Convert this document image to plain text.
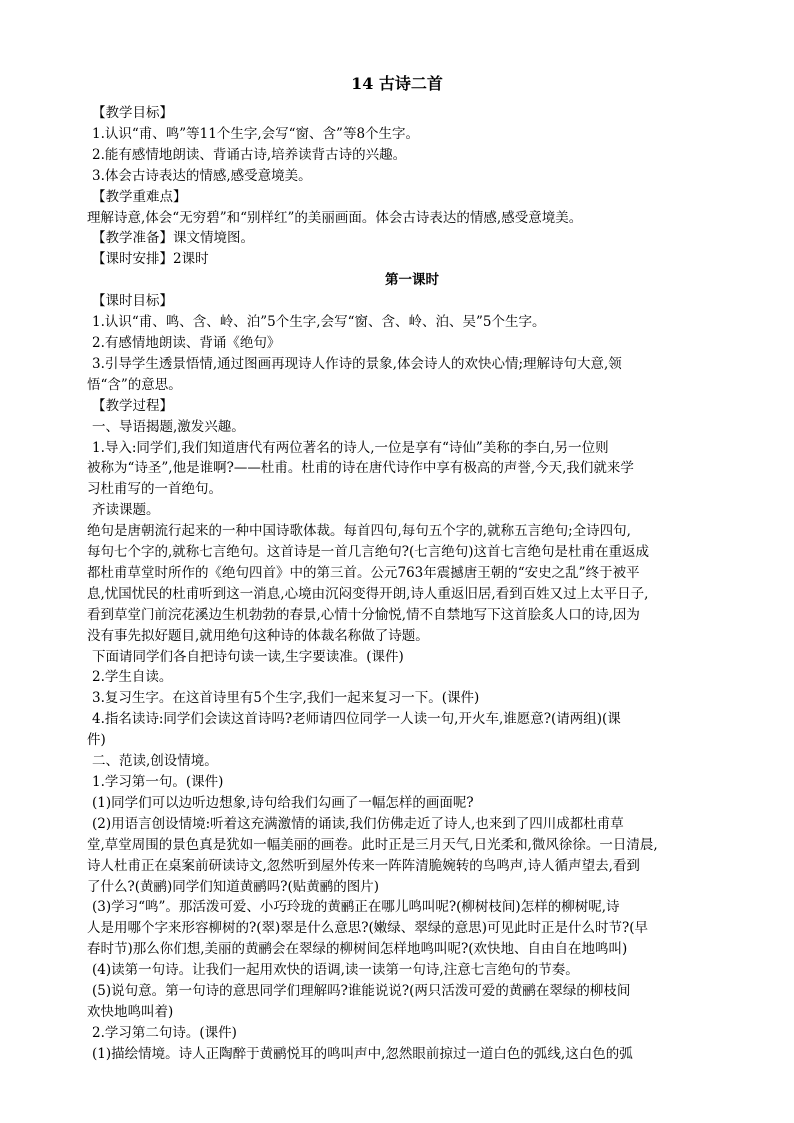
14 古诗二首
【教学目标】
1.认识“甫、鸣”等11个生字,会写“窗、含”等8个生字。
2.能有感情地朗读、背诵古诗,培养读背古诗的兴趣。
3.体会古诗表达的情感,感受意境美。
【教学重难点】
理解诗意,体会“无穷碧”和“别样红”的美丽画面。体会古诗表达的情感,感受意境美。
【教学准备】课文情境图。
【课时安排】2课时
第一课时
【课时目标】
1.认识“甫、鸣、含、岭、泊”5个生字,会写“窗、含、岭、泊、吴”5个生字。
2.有感情地朗读、背诵《绝句》
3.引导学生透景悟情,通过图画再现诗人作诗的景象,体会诗人的欢快心情;理解诗句大意,领
悟“含”的意思。
【教学过程】
一、导语揭题,激发兴趣。
1.导入:同学们,我们知道唐代有两位著名的诗人,一位是享有“诗仙”美称的李白,另一位则
被称为“诗圣”,他是谁啊?——杜甫。杜甫的诗在唐代诗作中享有极高的声誉,今天,我们就来学
习杜甫写的一首绝句。
齐读课题。
绝句是唐朝流行起来的一种中国诗歌体裁。每首四句,每句五个字的,就称五言绝句;全诗四句,
每句七个字的,就称七言绝句。这首诗是一首几言绝句?(七言绝句)这首七言绝句是杜甫在重返成
都杜甫草堂时所作的《绝句四首》中的第三首。公元763年震撼唐王朝的“安史之乱”终于被平
息,忧国忧民的杜甫听到这一消息,心境由沉闷变得开朗,诗人重返旧居,看到百姓又过上太平日子,
看到草堂门前浣花溪边生机勃勃的春景,心情十分愉悦,情不自禁地写下这首脍炙人口的诗,因为
没有事先拟好题目,就用绝句这种诗的体裁名称做了诗题。
下面请同学们各自把诗句读一读,生字要读准。(课件)
2.学生自读。
3.复习生字。在这首诗里有5个生字,我们一起来复习一下。(课件)
4.指名读诗:同学们会读这首诗吗?老师请四位同学一人读一句,开火车,谁愿意?(请两组)(课
件)
二、范读,创设情境。
1.学习第一句。(课件)
(1)同学们可以边听边想象,诗句给我们勾画了一幅怎样的画面呢?
(2)用语言创设情境:听着这充满激情的诵读,我们仿佛走近了诗人,也来到了四川成都杜甫草
堂,草堂周围的景色真是犹如一幅美丽的画卷。此时正是三月天气,日光柔和,微风徐徐。一日清晨,
诗人杜甫正在桌案前研读诗文,忽然听到屋外传来一阵阵清脆婉转的鸟鸣声,诗人循声望去,看到
了什么?(黄鹂)同学们知道黄鹂吗?(贴黄鹂的图片)
(3)学习“鸣”。那活泼可爱、小巧玲珑的黄鹂正在哪儿鸣叫呢?(柳树枝间)怎样的柳树呢,诗
人是用哪个字来形容柳树的?(翠)翠是什么意思?(嫩绿、翠绿的意思)可见此时正是什么时节?(早
春时节)那么你们想,美丽的黄鹂会在翠绿的柳树间怎样地鸣叫呢?(欢快地、自由自在地鸣叫)
(4)读第一句诗。让我们一起用欢快的语调,读一读第一句诗,注意七言绝句的节奏。
(5)说句意。第一句诗的意思同学们理解吗?谁能说说?(两只活泼可爱的黄鹂在翠绿的柳枝间
欢快地鸣叫着)
2.学习第二句诗。(课件)
(1)描绘情境。诗人正陶醉于黄鹂悦耳的鸣叫声中,忽然眼前掠过一道白色的弧线,这白色的弧
